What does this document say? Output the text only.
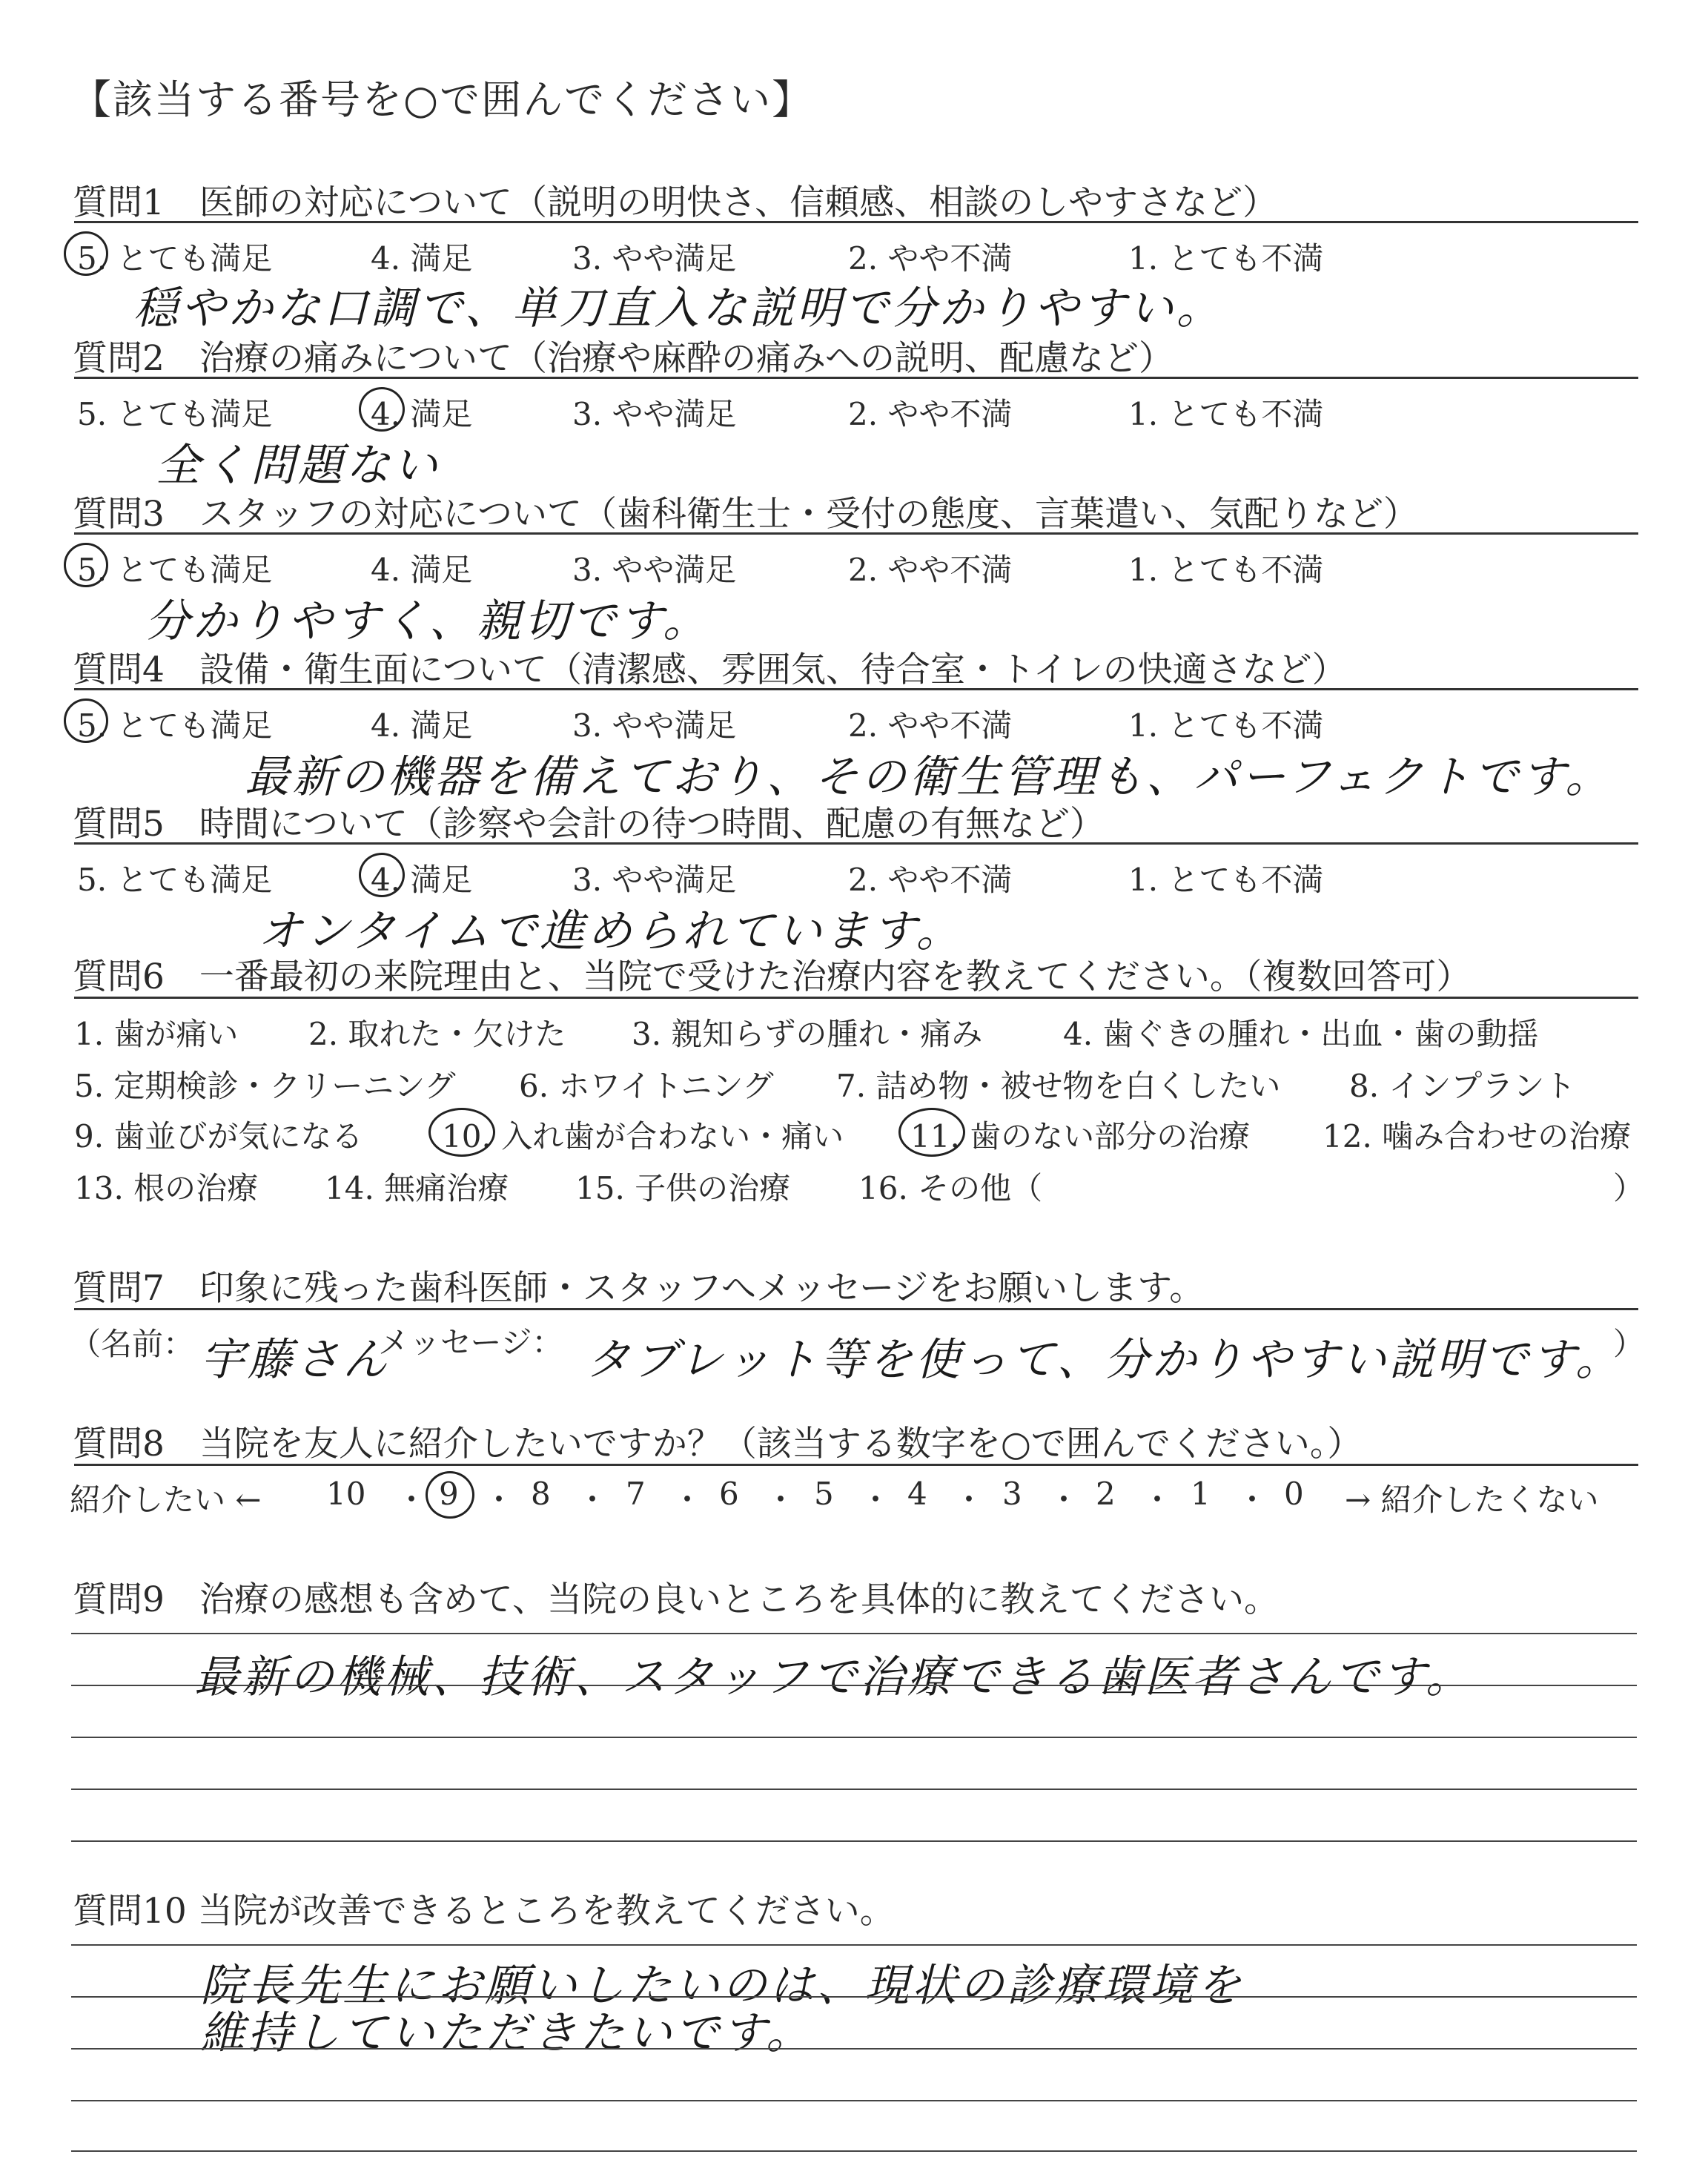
【該当する番号を○で囲んでください】
質問1　医師の対応について（説明の明快さ、信頼感、相談のしやすさなど）
5. とても満足	4. 満足	3. やや満足	2. やや不満	1. とても不満
穏やかな口調で、単刀直入な説明で分かりやすい。
質問2　治療の痛みについて（治療や麻酔の痛みへの説明、配慮など）
5. とても満足	4. 満足	3. やや満足	2. やや不満	1. とても不満
全く問題ない
質問3　スタッフの対応について（歯科衛生士・受付の態度、言葉遣い、気配りなど）
5. とても満足	4. 満足	3. やや満足	2. やや不満	1. とても不満
分かりやすく、親切です。
質問4　設備・衛生面について（清潔感、雰囲気、待合室・トイレの快適さなど）
5. とても満足	4. 満足	3. やや満足	2. やや不満	1. とても不満
最新の機器を備えており、その衛生管理も、パーフェクトです。
質問5　時間について（診察や会計の待つ時間、配慮の有無など）
5. とても満足	4. 満足	3. やや満足	2. やや不満	1. とても不満
オンタイムで進められています。
質問6　一番最初の来院理由と、当院で受けた治療内容を教えてください。（複数回答可）
1. 歯が痛い 2. 取れた・欠けた 3. 親知らずの腫れ・痛み	4. 歯ぐきの腫れ・出血・歯の動揺
5. 定期検診・クリーニング 6. ホワイトニング 7. 詰め物・被せ物を白くしたい 8. インプラント
9. 歯並びが気になる	10. 入れ歯が合わない・痛い 11. 歯のない部分の治療 12. 噛み合わせの治療
13. 根の治療 14. 無痛治療 15. 子供の治療 16. その他（	）
質問7　印象に残った歯科医師・スタッフへメッセージをお願いします。
（名前： 宇藤さん
メッセージ： タブレット等を使って、分かりやすい説明です。
）
質問8　当院を友人に紹介したいですか？（該当する数字を○で囲んでください。）
紹介したい ← 10 ・ 9 ・ 8 ・ 7 ・ 6 ・ 5 ・ 4 ・ 3 ・ 2 ・ 1 ・ 0 → 紹介したくない
質問9　治療の感想も含めて、当院の良いところを具体的に教えてください。
最新の機械、技術、スタッフで治療できる歯医者さんです。
質問10 当院が改善できるところを教えてください。
院長先生にお願いしたいのは、現状の診療環境を
維持していただきたいです。
